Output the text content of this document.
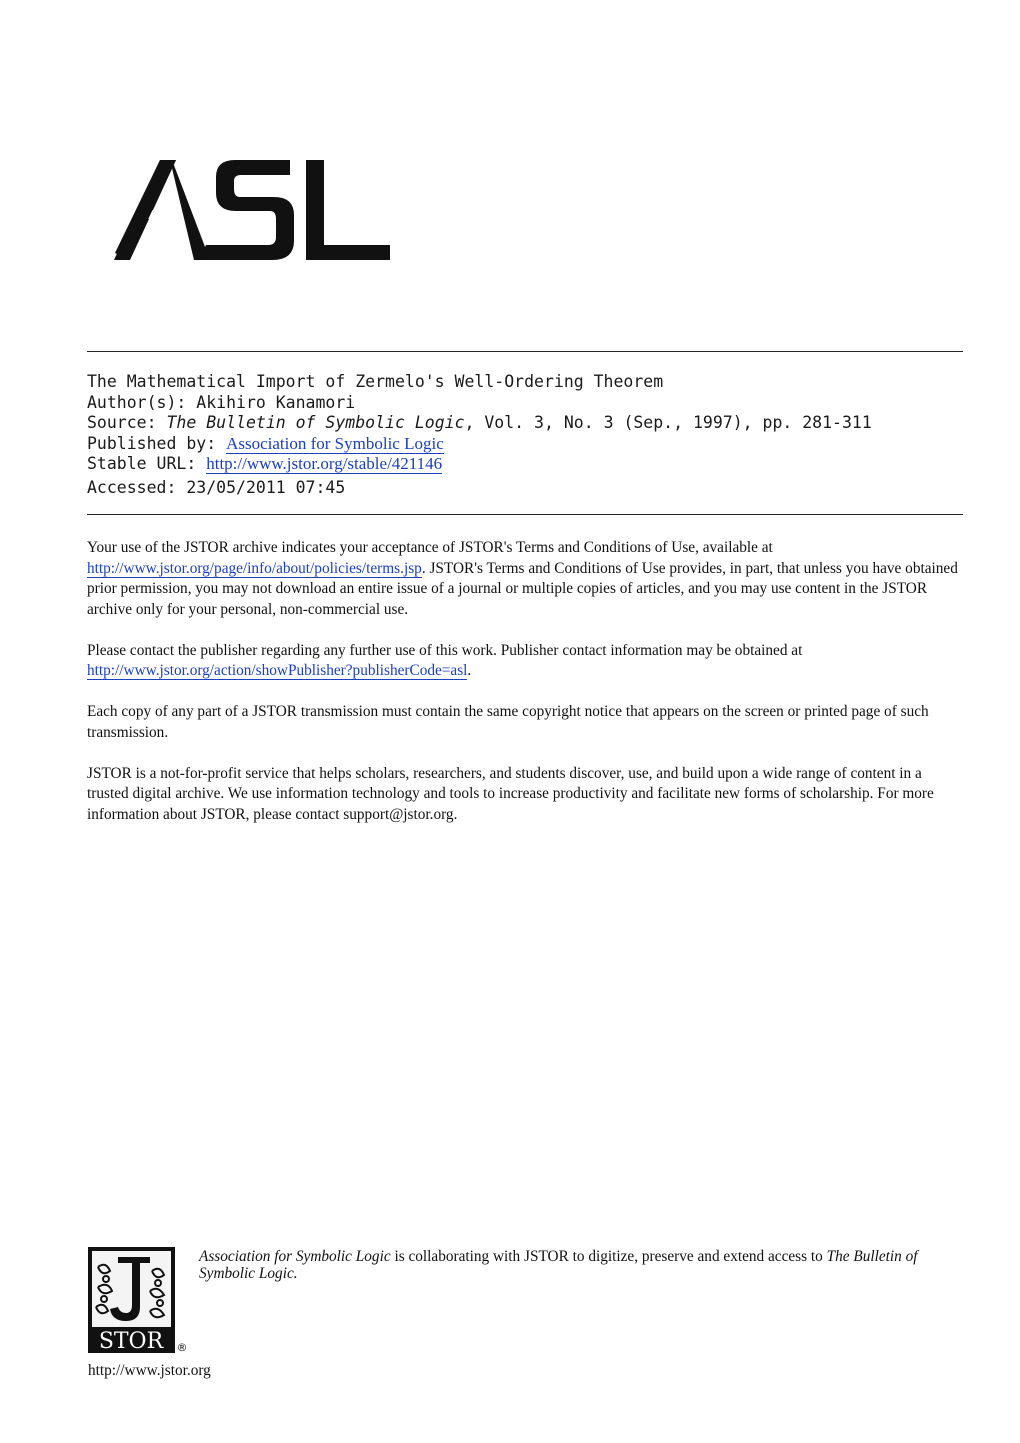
The Mathematical Import of Zermelo's Well-Ordering Theorem
Author(s): Akihiro Kanamori
Source: The Bulletin of Symbolic Logic, Vol. 3, No. 3 (Sep., 1997), pp. 281-311
Published by: Association for Symbolic Logic
Stable URL: http://www.jstor.org/stable/421146
Accessed: 23/05/2011 07:45

Your use of the JSTOR archive indicates your acceptance of JSTOR's Terms and Conditions of Use, available at
http://www.jstor.org/page/info/about/policies/terms.jsp. JSTOR's Terms and Conditions of Use provides, in part, that unless you have obtained prior permission, you may not download an entire issue of a journal or multiple copies of articles, and you may use content in the JSTOR archive only for your personal, non-commercial use.

Please contact the publisher regarding any further use of this work. Publisher contact information may be obtained at
http://www.jstor.org/action/showPublisher?publisherCode=asl.

Each copy of any part of a JSTOR transmission must contain the same copyright notice that appears on the screen or printed page of such transmission.

JSTOR is a not-for-profit service that helps scholars, researchers, and students discover, use, and build upon a wide range of content in a trusted digital archive. We use information technology and tools to increase productivity and facilitate new forms of scholarship. For more information about JSTOR, please contact support@jstor.org.

STOR ®
Association for Symbolic Logic is collaborating with JSTOR to digitize, preserve and extend access to The Bulletin of Symbolic Logic.
http://www.jstor.org
